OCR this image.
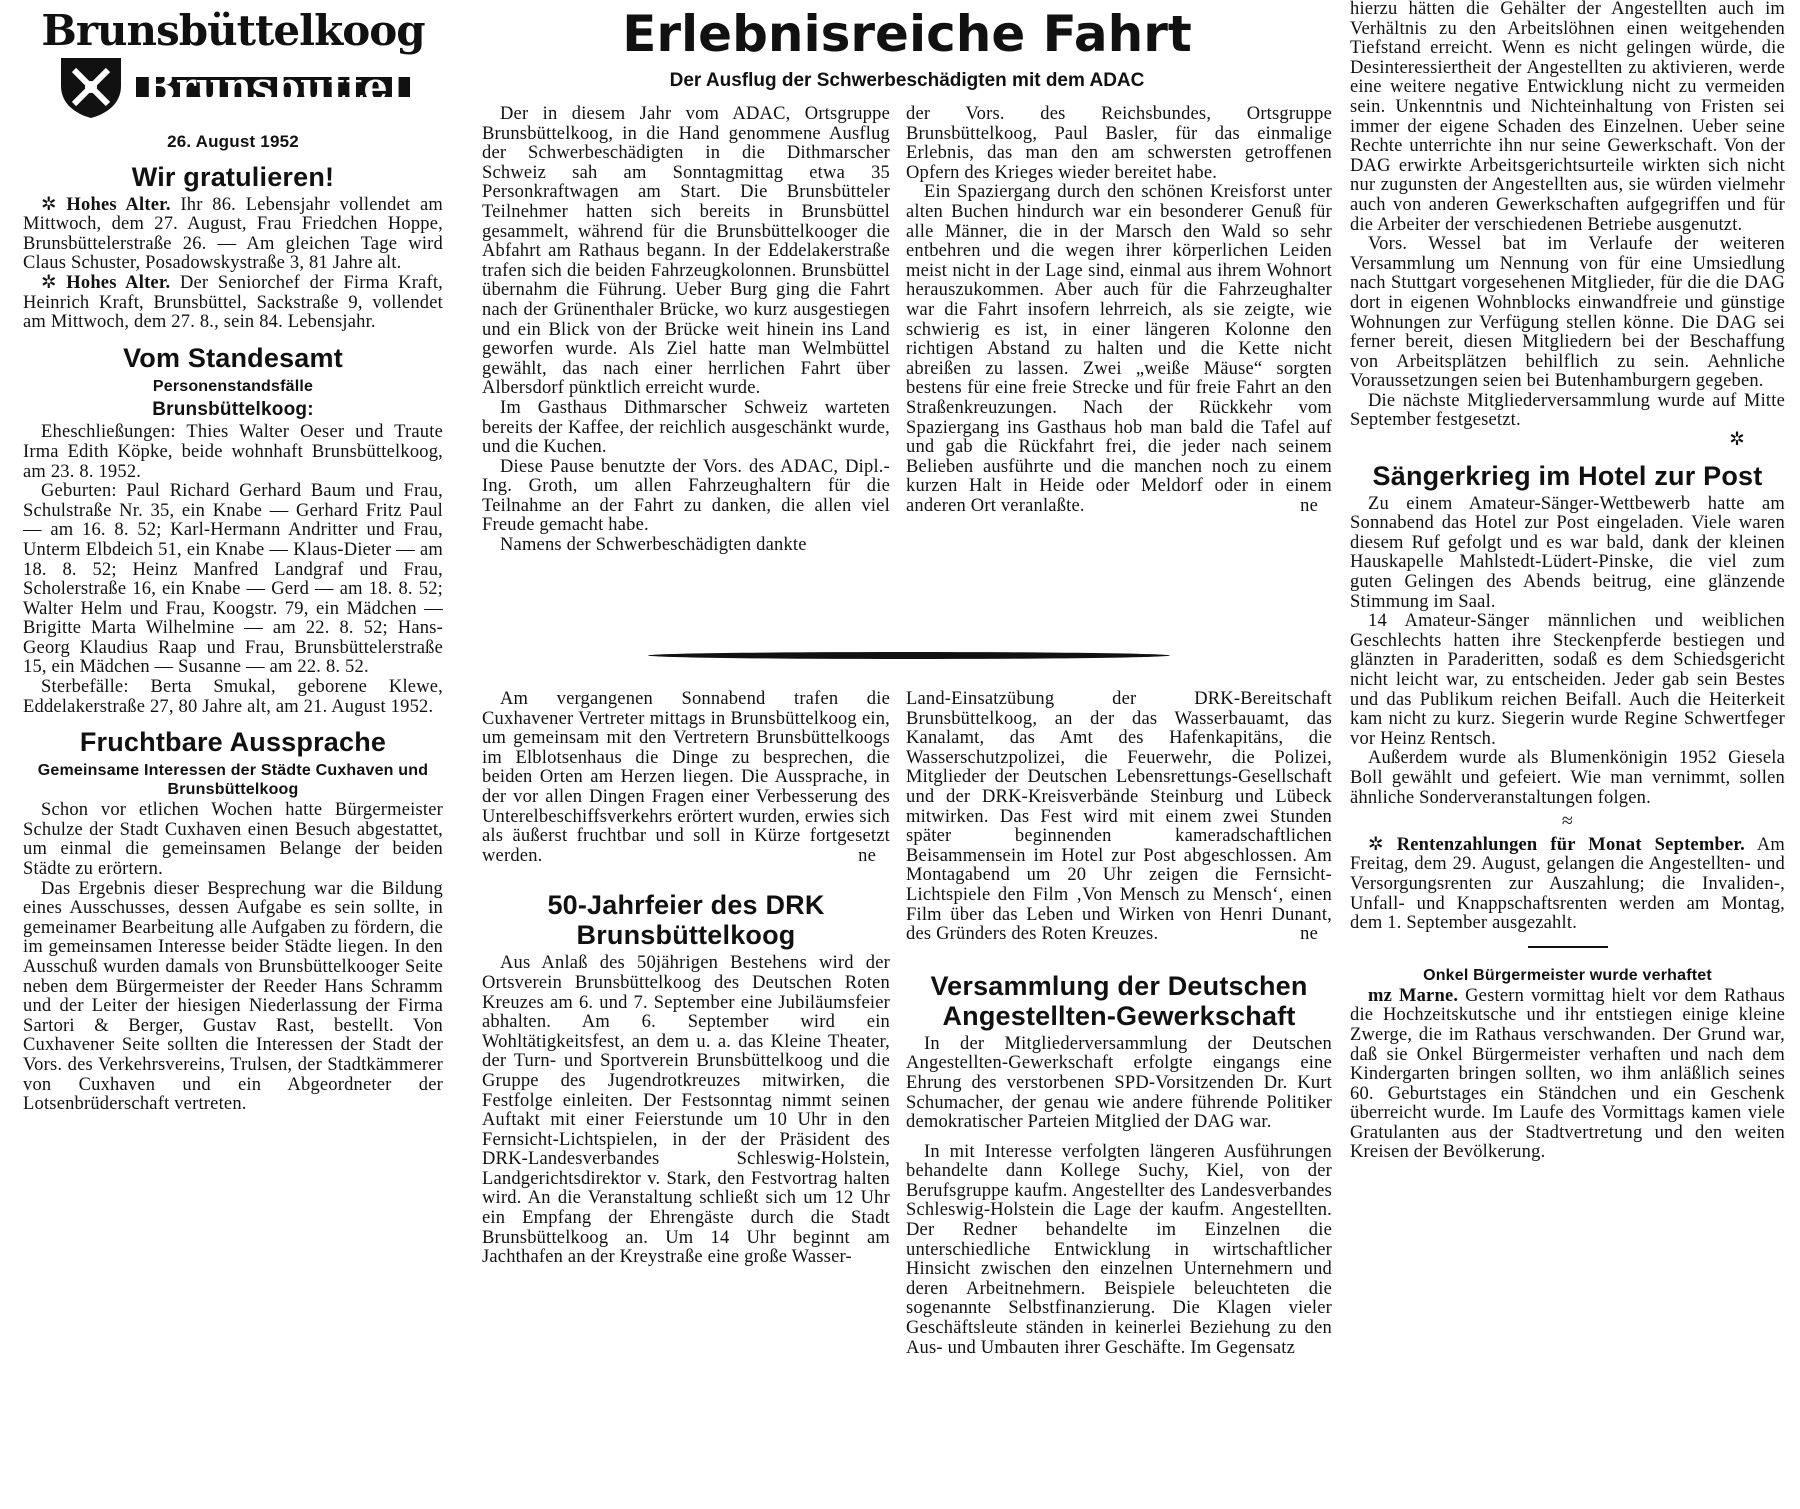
Brunsbüttelkoog
Brunsbüttel
26. August 1952
Wir gratulieren!

✲ Hohes Alter. Ihr 86. Lebensjahr vollendet am Mittwoch, dem 27. August, Frau Friedchen Hoppe, Brunsbüttelerstraße 26. — Am gleichen Tage wird Claus Schuster, Posadowskystraße 3, 81 Jahre alt.

✲ Hohes Alter. Der Seniorchef der Firma Kraft, Heinrich Kraft, Brunsbüttel, Sackstraße 9, vollendet am Mittwoch, dem 27. 8., sein 84. Lebensjahr.

Vom Standesamt
Personenstandsfälle
Brunsbüttelkoog:

Eheschließungen: Thies Walter Oeser und Traute Irma Edith Köpke, beide wohnhaft Brunsbüttelkoog, am 23. 8. 1952.

Geburten: Paul Richard Gerhard Baum und Frau, Schulstraße Nr. 35, ein Knabe — Gerhard Fritz Paul — am 16. 8. 52; Karl-Hermann Andritter und Frau, Unterm Elbdeich 51, ein Knabe — Klaus-Dieter — am 18. 8. 52; Heinz Manfred Landgraf und Frau, Scholerstraße 16, ein Knabe — Gerd — am 18. 8. 52; Walter Helm und Frau, Koogstr. 79, ein Mädchen — Brigitte Marta Wilhelmine — am 22. 8. 52; Hans-Georg Klaudius Raap und Frau, Brunsbüttelerstraße 15, ein Mädchen — Susanne — am 22. 8. 52.

Sterbefälle: Berta Smukal, geborene Klewe, Eddelakerstraße 27, 80 Jahre alt, am 21. August 1952.

Fruchtbare Aussprache
Gemeinsame Interessen der Städte Cuxhaven und Brunsbüttelkoog

Schon vor etlichen Wochen hatte Bürgermeister Schulze der Stadt Cuxhaven einen Besuch abgestattet, um einmal die gemeinsamen Belange der beiden Städte zu erörtern.

Das Ergebnis dieser Besprechung war die Bildung eines Ausschusses, dessen Aufgabe es sein sollte, in gemeinamer Bearbeitung alle Aufgaben zu fördern, die im gemeinsamen Interesse beider Städte liegen. In den Ausschuß wurden damals von Brunsbüttelkooger Seite neben dem Bürgermeister der Reeder Hans Schramm und der Leiter der hiesigen Niederlassung der Firma Sartori & Berger, Gustav Rast, bestellt. Von Cuxhavener Seite sollten die Interessen der Stadt der Vors. des Verkehrsvereins, Trulsen, der Stadtkämmerer von Cuxhaven und ein Abgeordneter der Lotsenbrüderschaft vertreten.

Erlebnisreiche Fahrt
Der Ausflug der Schwerbeschädigten mit dem ADAC

Der in diesem Jahr vom ADAC, Ortsgruppe Brunsbüttelkoog, in die Hand genommene Ausflug der Schwerbeschädigten in die Dithmarscher Schweiz sah am Sonntagmittag etwa 35 Personkraftwagen am Start. Die Brunsbütteler Teilnehmer hatten sich bereits in Brunsbüttel gesammelt, während für die Brunsbüttelkooger die Abfahrt am Rathaus begann. In der Eddelakerstraße trafen sich die beiden Fahrzeugkolonnen. Brunsbüttel übernahm die Führung. Ueber Burg ging die Fahrt nach der Grünenthaler Brücke, wo kurz ausgestiegen und ein Blick von der Brücke weit hinein ins Land geworfen wurde. Als Ziel hatte man Welmbüttel gewählt, das nach einer herrlichen Fahrt über Albersdorf pünktlich erreicht wurde.

Im Gasthaus Dithmarscher Schweiz warteten bereits der Kaffee, der reichlich ausgeschänkt wurde, und die Kuchen.

Diese Pause benutzte der Vors. des ADAC, Dipl.-Ing. Groth, um allen Fahrzeughaltern für die Teilnahme an der Fahrt zu danken, die allen viel Freude gemacht habe.

Namens der Schwerbeschädigten dankte

der Vors. des Reichsbundes, Ortsgruppe Brunsbüttelkoog, Paul Basler, für das einmalige Erlebnis, das man den am schwersten getroffenen Opfern des Krieges wieder bereitet habe.

Ein Spaziergang durch den schönen Kreisforst unter alten Buchen hindurch war ein besonderer Genuß für alle Männer, die in der Marsch den Wald so sehr entbehren und die wegen ihrer körperlichen Leiden meist nicht in der Lage sind, einmal aus ihrem Wohnort herauszukommen. Aber auch für die Fahrzeughalter war die Fahrt insofern lehrreich, als sie zeigte, wie schwierig es ist, in einer längeren Kolonne den richtigen Abstand zu halten und die Kette nicht abreißen zu lassen. Zwei „weiße Mäuse“ sorgten bestens für eine freie Strecke und für freie Fahrt an den Straßenkreuzungen. Nach der Rückkehr vom Spaziergang ins Gasthaus hob man bald die Tafel auf und gab die Rückfahrt frei, die jeder nach seinem Belieben ausführte und die manchen noch zu einem kurzen Halt in Heide oder Meldorf oder in einem anderen Ort veranlaßte.	ne

Am vergangenen Sonnabend trafen die Cuxhavener Vertreter mittags in Brunsbüttelkoog ein, um gemeinsam mit den Vertretern Brunsbüttelkoogs im Elblotsenhaus die Dinge zu besprechen, die beiden Orten am Herzen liegen. Die Aussprache, in der vor allen Dingen Fragen einer Verbesserung des Unterelbeschiffsverkehrs erörtert wurden, erwies sich als äußerst fruchtbar und soll in Kürze fortgesetzt werden.	ne

50-Jahrfeier des DRK Brunsbüttelkoog

Aus Anlaß des 50jährigen Bestehens wird der Ortsverein Brunsbüttelkoog des Deutschen Roten Kreuzes am 6. und 7. September eine Jubiläumsfeier abhalten. Am 6. September wird ein Wohltätigkeitsfest, an dem u. a. das Kleine Theater, der Turn- und Sportverein Brunsbüttelkoog und die Gruppe des Jugendrotkreuzes mitwirken, die Festfolge einleiten. Der Festsonntag nimmt seinen Auftakt mit einer Feierstunde um 10 Uhr in den Fernsicht-Lichtspielen, in der der Präsident des DRK-Landesverbandes Schleswig-Holstein, Landgerichtsdirektor v. Stark, den Festvortrag halten wird. An die Veranstaltung schließt sich um 12 Uhr ein Empfang der Ehrengäste durch die Stadt Brunsbüttelkoog an. Um 14 Uhr beginnt am Jachthafen an der Kreystraße eine große Wasser-

Land-Einsatzübung der DRK-Bereitschaft Brunsbüttelkoog, an der das Wasserbauamt, das Kanalamt, das Amt des Hafenkapitäns, die Wasserschutzpolizei, die Feuerwehr, die Polizei, Mitglieder der Deutschen Lebensrettungs-Gesellschaft und der DRK-Kreisverbände Steinburg und Lübeck mitwirken. Das Fest wird mit einem zwei Stunden später beginnenden kameradschaftlichen Beisammensein im Hotel zur Post abgeschlossen. Am Montagabend um 20 Uhr zeigen die Fernsicht-Lichtspiele den Film ‚Von Mensch zu Mensch‘, einen Film über das Leben und Wirken von Henri Dunant, des Gründers des Roten Kreuzes.	ne

Versammlung der Deutschen Angestellten-Gewerkschaft

In der Mitgliederversammlung der Deutschen Angestellten-Gewerkschaft erfolgte eingangs eine Ehrung des verstorbenen SPD-Vorsitzenden Dr. Kurt Schumacher, der genau wie andere führende Politiker demokratischer Parteien Mitglied der DAG war.

In mit Interesse verfolgten längeren Ausführungen behandelte dann Kollege Suchy, Kiel, von der Berufsgruppe kaufm. Angestellter des Landesverbandes Schleswig-Holstein die Lage der kaufm. Angestellten. Der Redner behandelte im Einzelnen die unterschiedliche Entwicklung in wirtschaftlicher Hinsicht zwischen den einzelnen Unternehmern und deren Arbeitnehmern. Beispiele beleuchteten die sogenannte Selbstfinanzierung. Die Klagen vieler Geschäftsleute ständen in keinerlei Beziehung zu den Aus- und Umbauten ihrer Geschäfte. Im Gegensatz

hierzu hätten die Gehälter der Angestellten auch im Verhältnis zu den Arbeitslöhnen einen weitgehenden Tiefstand erreicht. Wenn es nicht gelingen würde, die Desinteressiertheit der Angestellten zu aktivieren, werde eine weitere negative Entwicklung nicht zu vermeiden sein. Unkenntnis und Nichteinhaltung von Fristen sei immer der eigene Schaden des Einzelnen. Ueber seine Rechte unterrichte ihn nur seine Gewerkschaft. Von der DAG erwirkte Arbeitsgerichtsurteile wirkten sich nicht nur zugunsten der Angestellten aus, sie würden vielmehr auch von anderen Gewerkschaften aufgegriffen und für die Arbeiter der verschiedenen Betriebe ausgenutzt.

Vors. Wessel bat im Verlaufe der weiteren Versammlung um Nennung von für eine Umsiedlung nach Stuttgart vorgesehenen Mitglieder, für die die DAG dort in eigenen Wohnblocks einwandfreie und günstige Wohnungen zur Verfügung stellen könne. Die DAG sei ferner bereit, diesen Mitgliedern bei der Beschaffung von Arbeitsplätzen behilflich zu sein. Aehnliche Voraussetzungen seien bei Butenhamburgern gegeben.

Die nächste Mitgliederversammlung wurde auf Mitte September festgesetzt.

✲
Sängerkrieg im Hotel zur Post

Zu einem Amateur-Sänger-Wettbewerb hatte am Sonnabend das Hotel zur Post eingeladen. Viele waren diesem Ruf gefolgt und es war bald, dank der kleinen Hauskapelle Mahlstedt-Lüdert-Pinske, die viel zum guten Gelingen des Abends beitrug, eine glänzende Stimmung im Saal.

14 Amateur-Sänger männlichen und weiblichen Geschlechts hatten ihre Steckenpferde bestiegen und glänzten in Paraderitten, sodaß es dem Schiedsgericht nicht leicht war, zu entscheiden. Jeder gab sein Bestes und das Publikum reichen Beifall. Auch die Heiterkeit kam nicht zu kurz. Siegerin wurde Regine Schwertfeger vor Heinz Rentsch.

Außerdem wurde als Blumenkönigin 1952 Giesela Boll gewählt und gefeiert. Wie man vernimmt, sollen ähnliche Sonderveranstaltungen folgen.

≈

✲ Rentenzahlungen für Monat September. Am Freitag, dem 29. August, gelangen die Angestellten- und Versorgungsrenten zur Auszahlung; die Invaliden-, Unfall- und Knappschaftsrenten werden am Montag, dem 1. September ausgezahlt.

Onkel Bürgermeister wurde verhaftet

mz Marne. Gestern vormittag hielt vor dem Rathaus die Hochzeitskutsche und ihr entstiegen einige kleine Zwerge, die im Rathaus verschwanden. Der Grund war, daß sie Onkel Bürgermeister verhaften und nach dem Kindergarten bringen sollten, wo ihm anläßlich seines 60. Geburtstages ein Ständchen und ein Geschenk überreicht wurde. Im Laufe des Vormittags kamen viele Gratulanten aus der Stadtvertretung und den weiten Kreisen der Bevölkerung.
